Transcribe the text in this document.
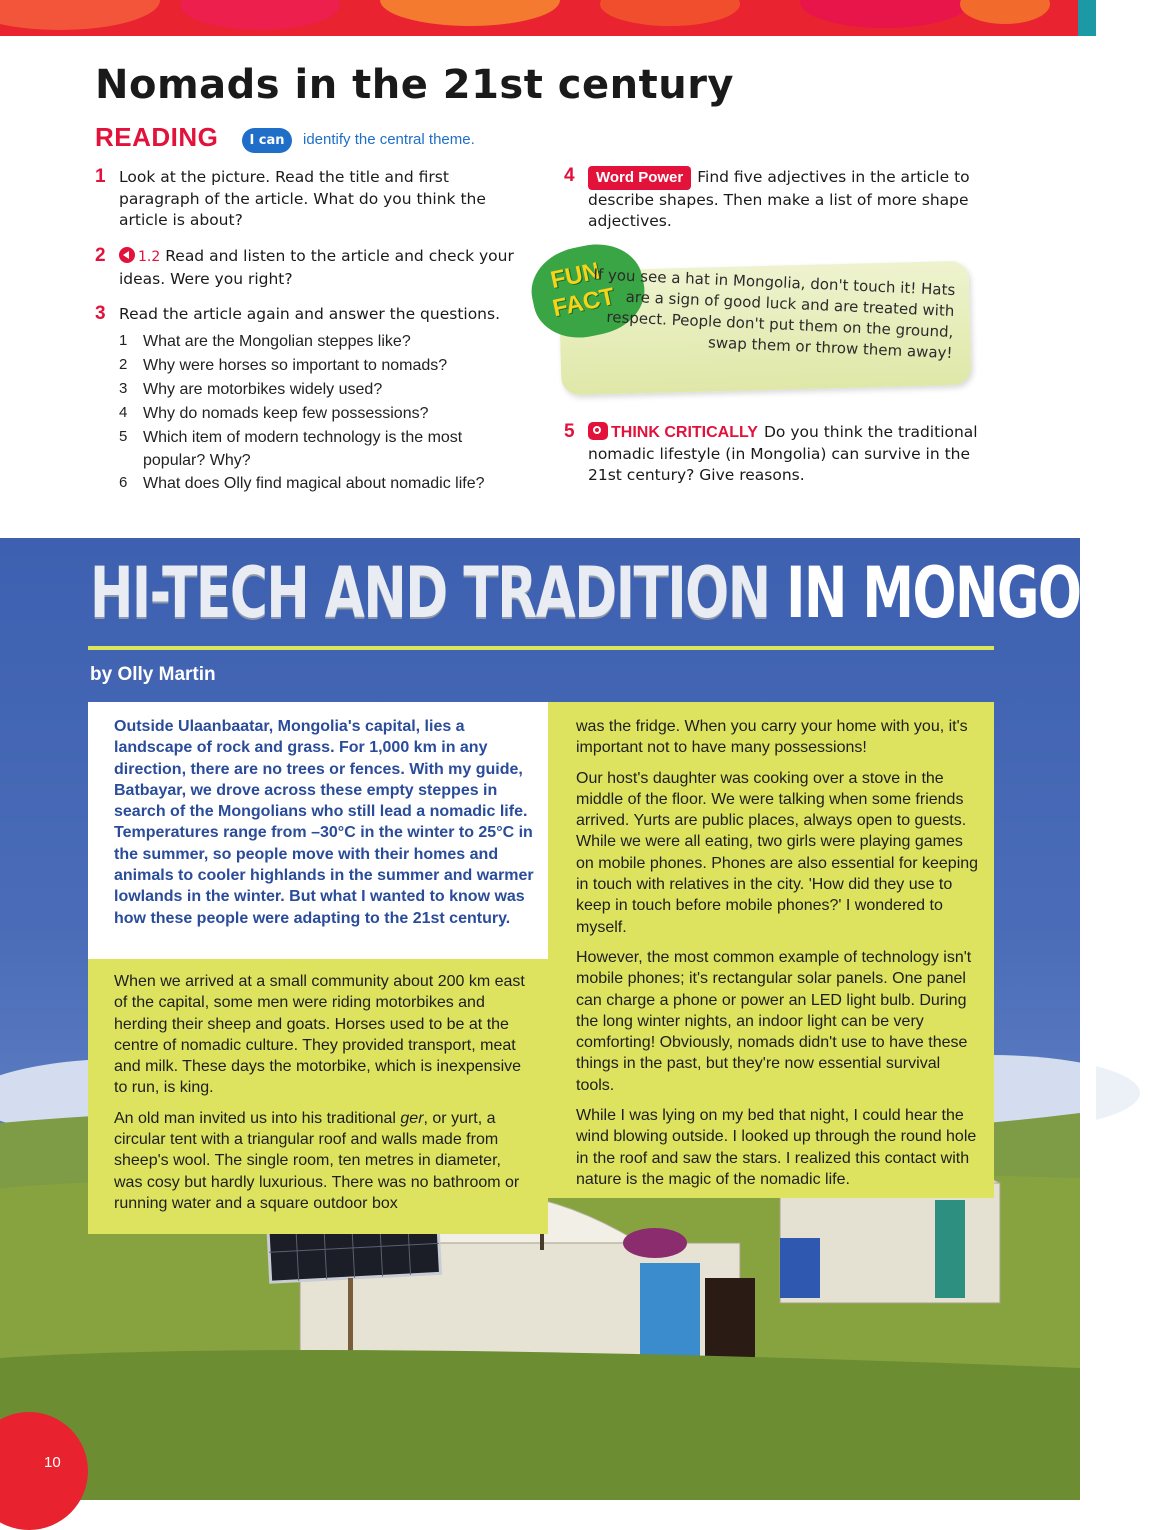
Nomads in the 21st century
READING	I can	identify the central theme.
1 Look at the picture. Read the title and first paragraph of the article. What do you think the article is about?
2	1.2 Read and listen to the article and check your ideas. Were you right?
3 Read the article again and answer the questions.
1 What are the Mongolian steppes like?
2 Why were horses so important to nomads?
3 Why are motorbikes widely used?
4 Why do nomads keep few possessions?
5 Which item of modern technology is the most popular? Why?
6 What does Olly find magical about nomadic life?
4	Word Power Find five adjectives in the article to describe shapes. Then make a list of more shape adjectives.
FUN
FACT
If you see a hat in Mongolia, don't touch it! Hats are a sign of good luck and are treated with respect. People don't put them on the ground, swap them or throw them away!
5	THINK CRITICALLY Do you think the traditional nomadic lifestyle (in Mongolia) can survive in the 21st century? Give reasons.
HI-TECH AND TRADITION IN MONGOLIA
by Olly Martin
Outside Ulaanbaatar, Mongolia's capital, lies a landscape of rock and grass. For 1,000 km in any direction, there are no trees or fences. With my guide, Batbayar, we drove across these empty steppes in search of the Mongolians who still lead a nomadic life. Temperatures range from –30°C in the winter to 25°C in the summer, so people move with their homes and animals to cooler highlands in the summer and warmer lowlands in the winter. But what I wanted to know was how these people were adapting to the 21st century.

When we arrived at a small community about 200 km east of the capital, some men were riding motorbikes and herding their sheep and goats. Horses used to be at the centre of nomadic culture. They provided transport, meat and milk. These days the motorbike, which is inexpensive to run, is king.

An old man invited us into his traditional ger, or yurt, a circular tent with a triangular roof and walls made from sheep's wool. The single room, ten metres in diameter, was cosy but hardly luxurious. There was no bathroom or running water and a square outdoor box

was the fridge. When you carry your home with you, it's important not to have many possessions!

Our host's daughter was cooking over a stove in the middle of the floor. We were talking when some friends arrived. Yurts are public places, always open to guests. While we were all eating, two girls were playing games on mobile phones. Phones are also essential for keeping in touch with relatives in the city. 'How did they use to keep in touch before mobile phones?' I wondered to myself.

However, the most common example of technology isn't mobile phones; it's rectangular solar panels. One panel can charge a phone or power an LED light bulb. During the long winter nights, an indoor light can be very comforting! Obviously, nomads didn't use to have these things in the past, but they're now essential survival tools.

While I was lying on my bed that night, I could hear the wind blowing outside. I looked up through the round hole in the roof and saw the stars. I realized this contact with nature is the magic of the nomadic life.

10
